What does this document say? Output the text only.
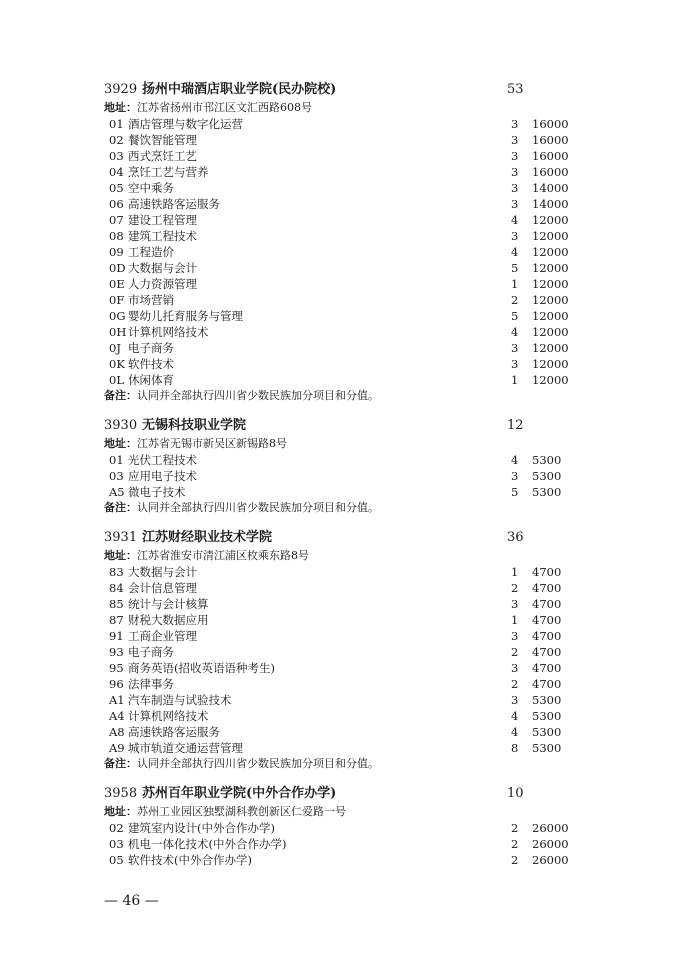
3929 扬州中瑞酒店职业学院(民办院校)	53
地址：江苏省扬州市邗江区文汇西路608号
01 酒店管理与数字化运营	3 16000
02 餐饮智能管理	3 16000
03 西式烹饪工艺	3 16000
04 烹饪工艺与营养	3 16000
05 空中乘务	3 14000
06 高速铁路客运服务	3 14000
07 建设工程管理	4 12000
08 建筑工程技术	3 12000
09 工程造价	4 12000
0D 大数据与会计	5 12000
0E 人力资源管理	1 12000
0F 市场营销	2 12000
0G 婴幼儿托育服务与管理	5 12000
0H 计算机网络技术	4 12000
0J 电子商务	3 12000
0K 软件技术	3 12000
0L 休闲体育	1 12000
备注：认同并全部执行四川省少数民族加分项目和分值。
3930 无锡科技职业学院	12
地址：江苏省无锡市新吴区新锡路8号
01 光伏工程技术	4 5300
03 应用电子技术	3 5300
A5 微电子技术	5 5300
备注：认同并全部执行四川省少数民族加分项目和分值。
3931 江苏财经职业技术学院	36
地址：江苏省淮安市清江浦区枚乘东路8号
83 大数据与会计	1 4700
84 会计信息管理	2 4700
85 统计与会计核算	3 4700
87 财税大数据应用	1 4700
91 工商企业管理	3 4700
93 电子商务	2 4700
95 商务英语(招收英语语种考生)	3 4700
96 法律事务	2 4700
A1 汽车制造与试验技术	3 5300
A4 计算机网络技术	4 5300
A8 高速铁路客运服务	4 5300
A9 城市轨道交通运营管理	8 5300
备注：认同并全部执行四川省少数民族加分项目和分值。
3958 苏州百年职业学院(中外合作办学)	10
地址：苏州工业园区独墅湖科教创新区仁爱路一号
02 建筑室内设计(中外合作办学)	2 26000
03 机电一体化技术(中外合作办学)	2 26000
05 软件技术(中外合作办学)	2 26000
— 46 —
